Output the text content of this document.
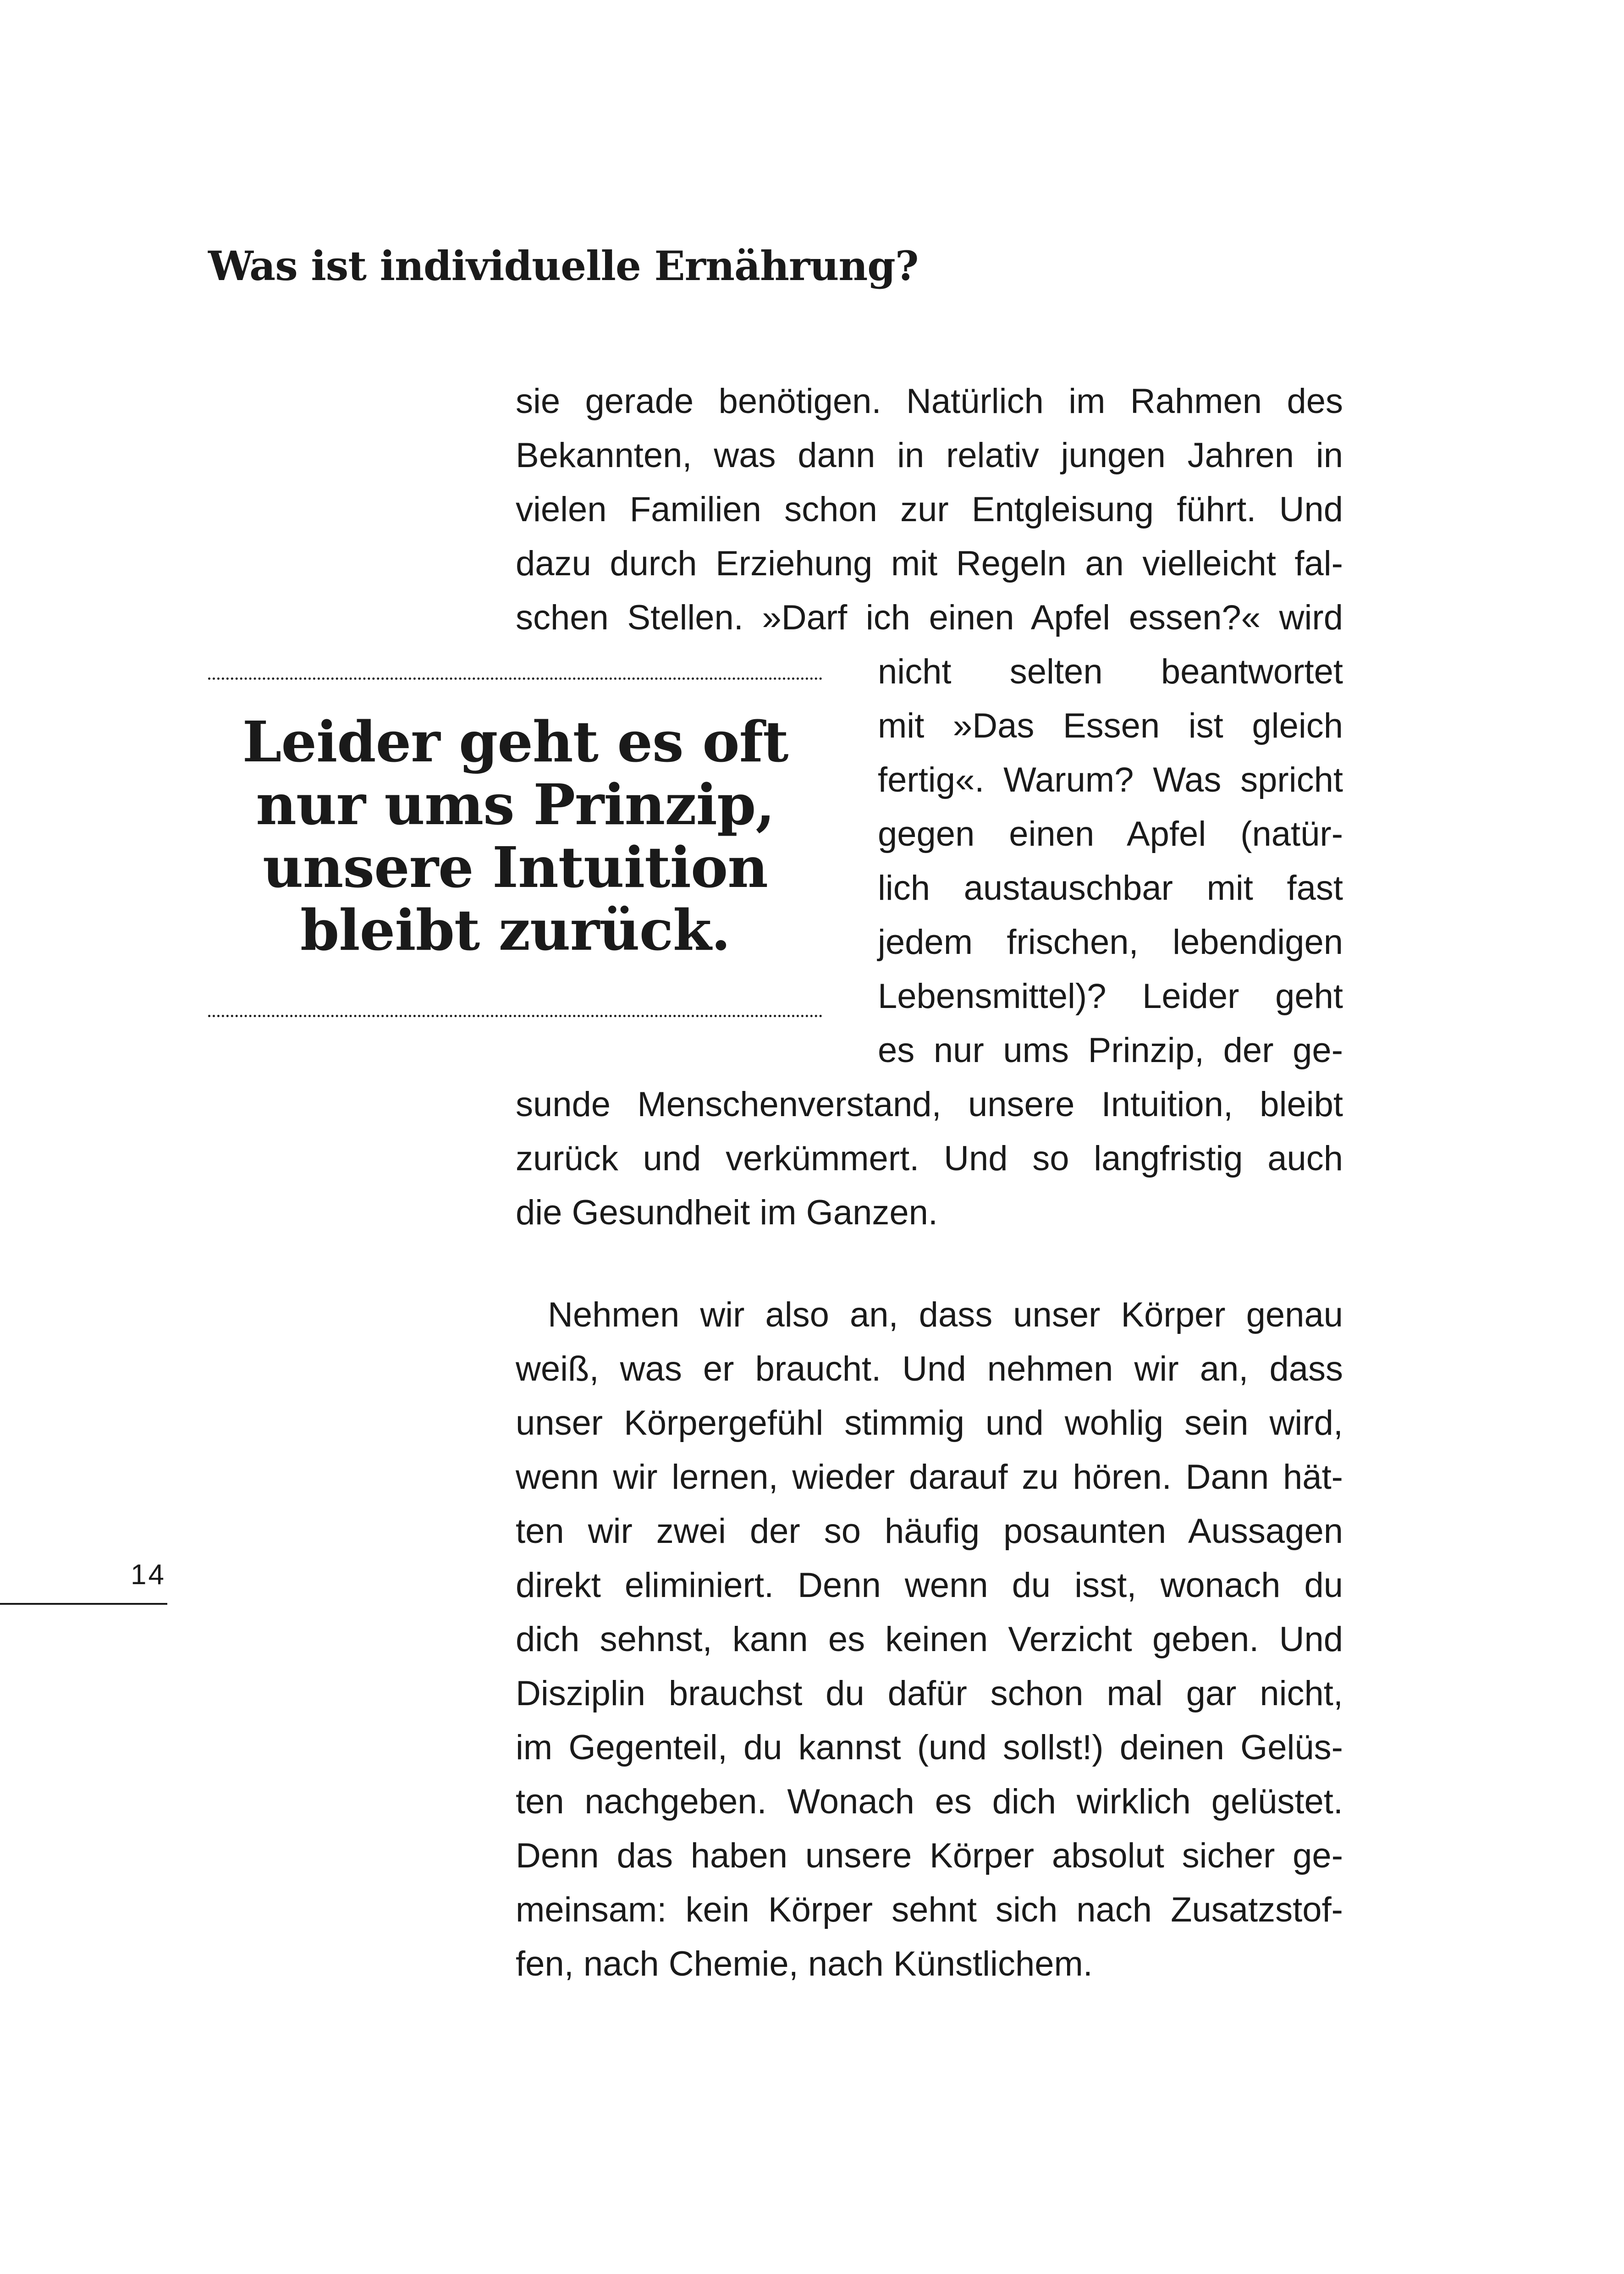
Was ist individuelle Ernährung?
sie gerade benötigen. Natürlich im Rahmen des
Bekannten, was dann in relativ jungen Jahren in
vielen Familien schon zur Entgleisung führt. Und
dazu durch Erziehung mit Regeln an vielleicht fal-
schen Stellen. »Darf ich einen Apfel essen?« wird
nicht selten beantwortet
mit »Das Essen ist gleich
fertig«. Warum? Was spricht
gegen einen Apfel (natür-
lich austauschbar mit fast
jedem frischen, lebendigen
Lebensmittel)? Leider geht
es nur ums Prinzip, der ge-
sunde Menschenverstand, unsere Intuition, bleibt
zurück und verkümmert. Und so langfristig auch
die Gesundheit im Ganzen.
Nehmen wir also an, dass unser Körper genau
weiß, was er braucht. Und nehmen wir an, dass
unser Körpergefühl stimmig und wohlig sein wird,
wenn wir lernen, wieder darauf zu hören. Dann hät-
ten wir zwei der so häufig posaunten Aussagen
direkt eliminiert. Denn wenn du isst, wonach du
dich sehnst, kann es keinen Verzicht geben. Und
Disziplin brauchst du dafür schon mal gar nicht,
im Gegenteil, du kannst (und sollst!) deinen Gelüs-
ten nachgeben. Wonach es dich wirklich gelüstet.
Denn das haben unsere Körper absolut sicher ge-
meinsam: kein Körper sehnt sich nach Zusatzstof-
fen, nach Chemie, nach Künstlichem.
Leider geht es oft
nur ums Prinzip,
unsere Intuition
bleibt zurück.
14
